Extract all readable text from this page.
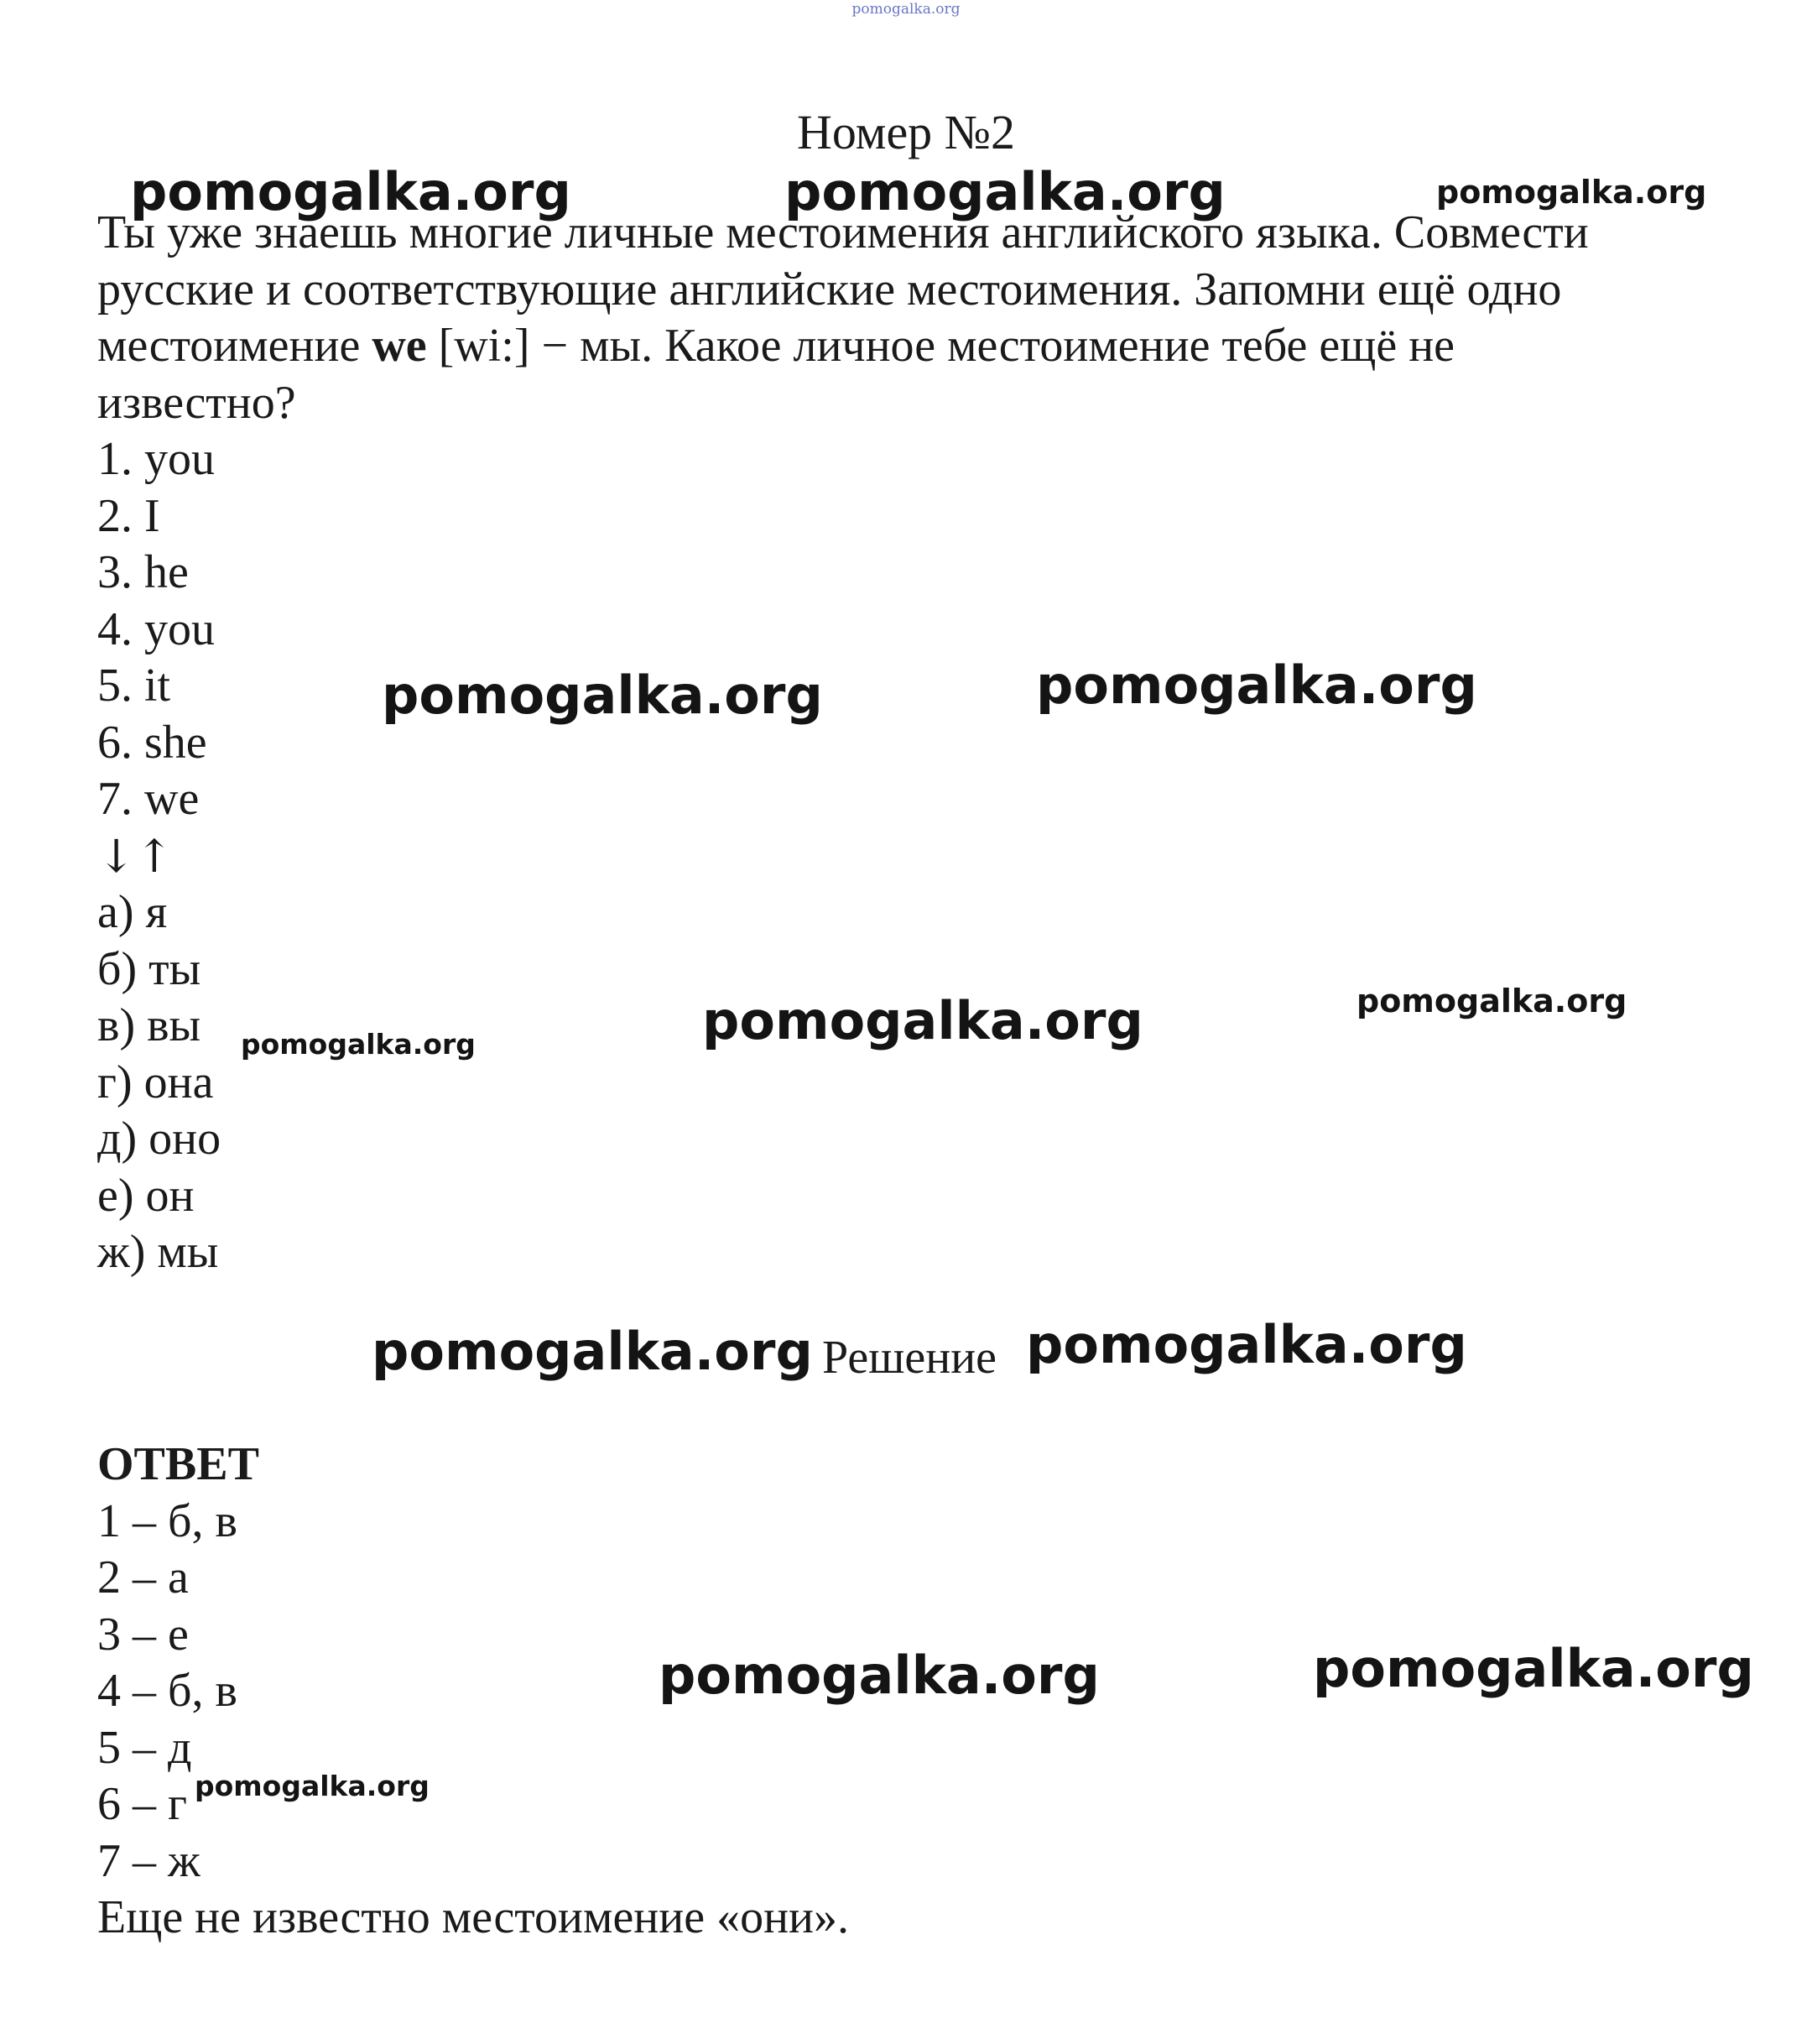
pomogalka.org
Номер №2
Ты уже знаешь многие личные местоимения английского языка. Совмести
русские и соответствующие английские местоимения. Запомни ещё одно
местоимение we [wi:] − мы. Какое личное местоимение тебе ещё не
известно?
1. you
2. I
3. he
4. you
5. it
6. she
7. we
↓↑
а) я
б) ты
в) вы
г) она
д) оно
е) он
ж) мы
Решение
ОТВЕТ
1 – б, в
2 – а
3 – е
4 – б, в
5 – д
6 – г
7 – ж
Еще не известно местоимение «они».
pomogalka.org	pomogalka.org	pomogalka.org
pomogalka.org	pomogalka.org
pomogalka.org	pomogalka.org
pomogalka.org
pomogalka.org	pomogalka.org
pomogalka.org	pomogalka.org
pomogalka.org
